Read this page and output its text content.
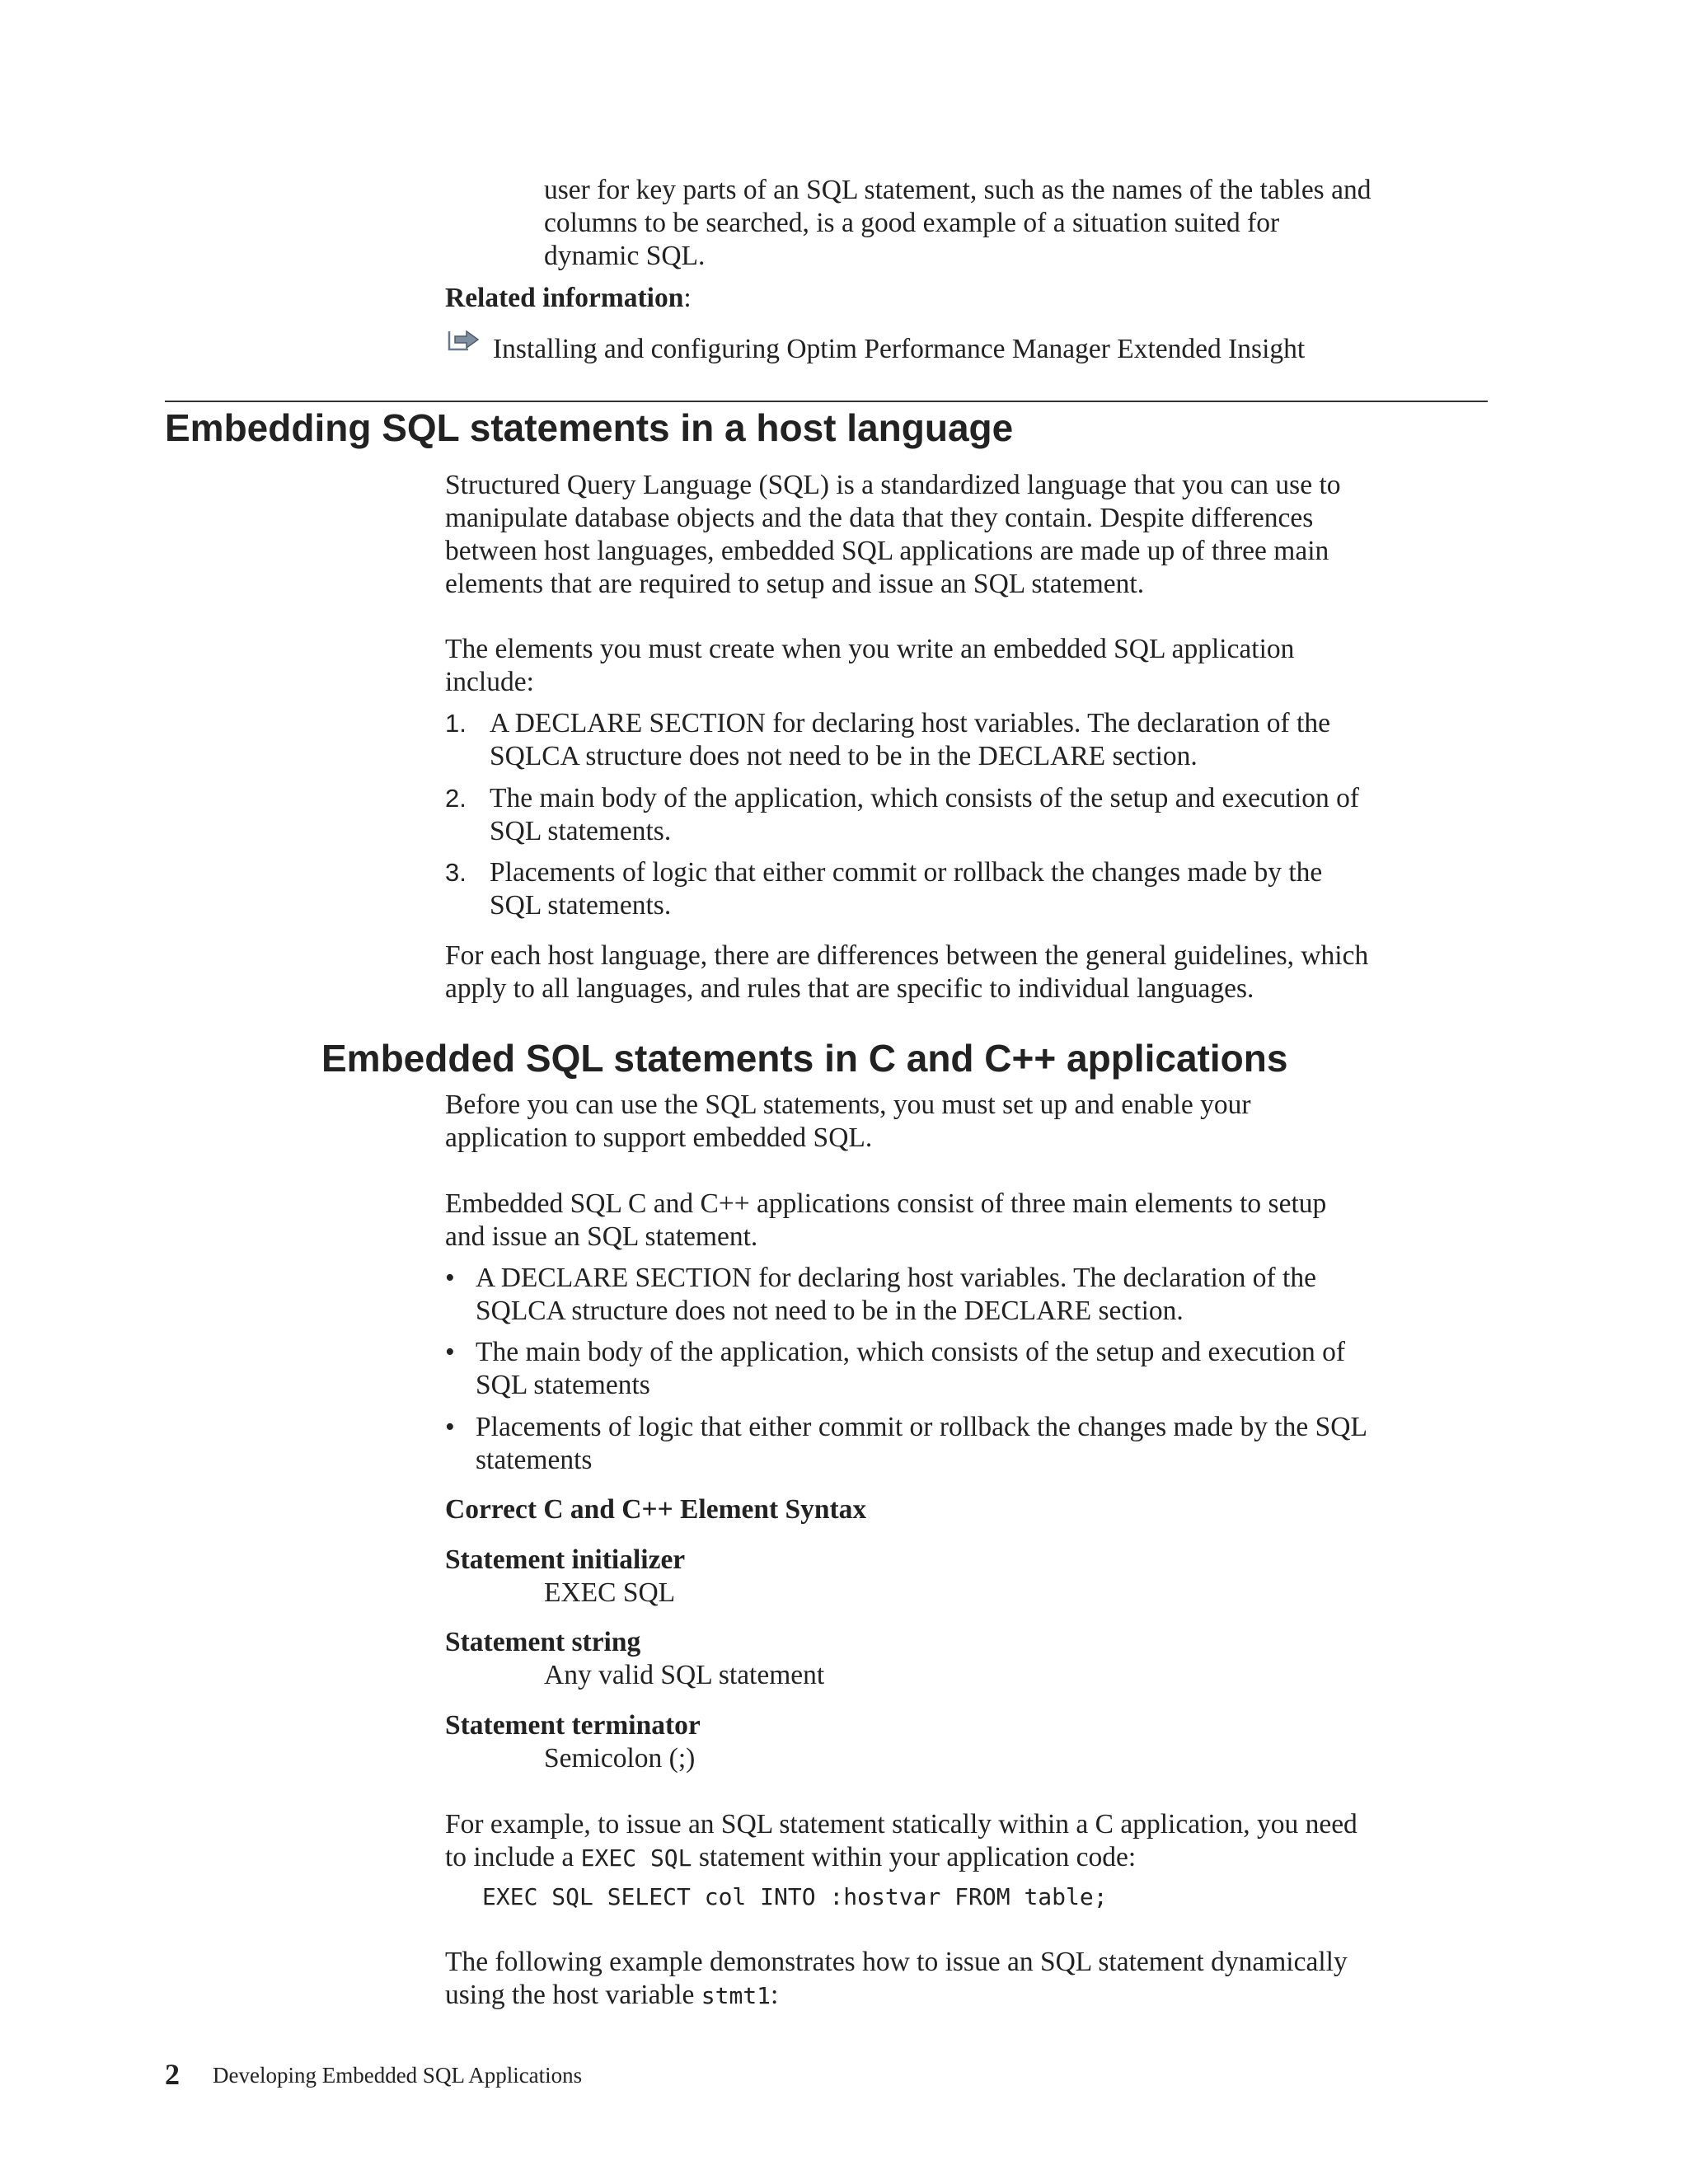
user for key parts of an SQL statement, such as the names of the tables and
columns to be searched, is a good example of a situation suited for
dynamic SQL.
Related information:
Installing and configuring Optim Performance Manager Extended Insight
Embedding SQL statements in a host language
Structured Query Language (SQL) is a standardized language that you can use to
manipulate database objects and the data that they contain. Despite differences
between host languages, embedded SQL applications are made up of three main
elements that are required to setup and issue an SQL statement.
The elements you must create when you write an embedded SQL application
include:
1. A DECLARE SECTION for declaring host variables. The declaration of the
SQLCA structure does not need to be in the DECLARE section.
2. The main body of the application, which consists of the setup and execution of
SQL statements.
3. Placements of logic that either commit or rollback the changes made by the
SQL statements.
For each host language, there are differences between the general guidelines, which
apply to all languages, and rules that are specific to individual languages.
Embedded SQL statements in C and C++ applications
Before you can use the SQL statements, you must set up and enable your
application to support embedded SQL.
Embedded SQL C and C++ applications consist of three main elements to setup
and issue an SQL statement.
• A DECLARE SECTION for declaring host variables. The declaration of the
SQLCA structure does not need to be in the DECLARE section.
• The main body of the application, which consists of the setup and execution of
SQL statements
• Placements of logic that either commit or rollback the changes made by the SQL
statements
Correct C and C++ Element Syntax
Statement initializer
EXEC SQL
Statement string
Any valid SQL statement
Statement terminator
Semicolon (;)
For example, to issue an SQL statement statically within a C application, you need
to include a EXEC SQL statement within your application code:
EXEC SQL SELECT col INTO :hostvar FROM table;
The following example demonstrates how to issue an SQL statement dynamically
using the host variable stmt1:
2 Developing Embedded SQL Applications
